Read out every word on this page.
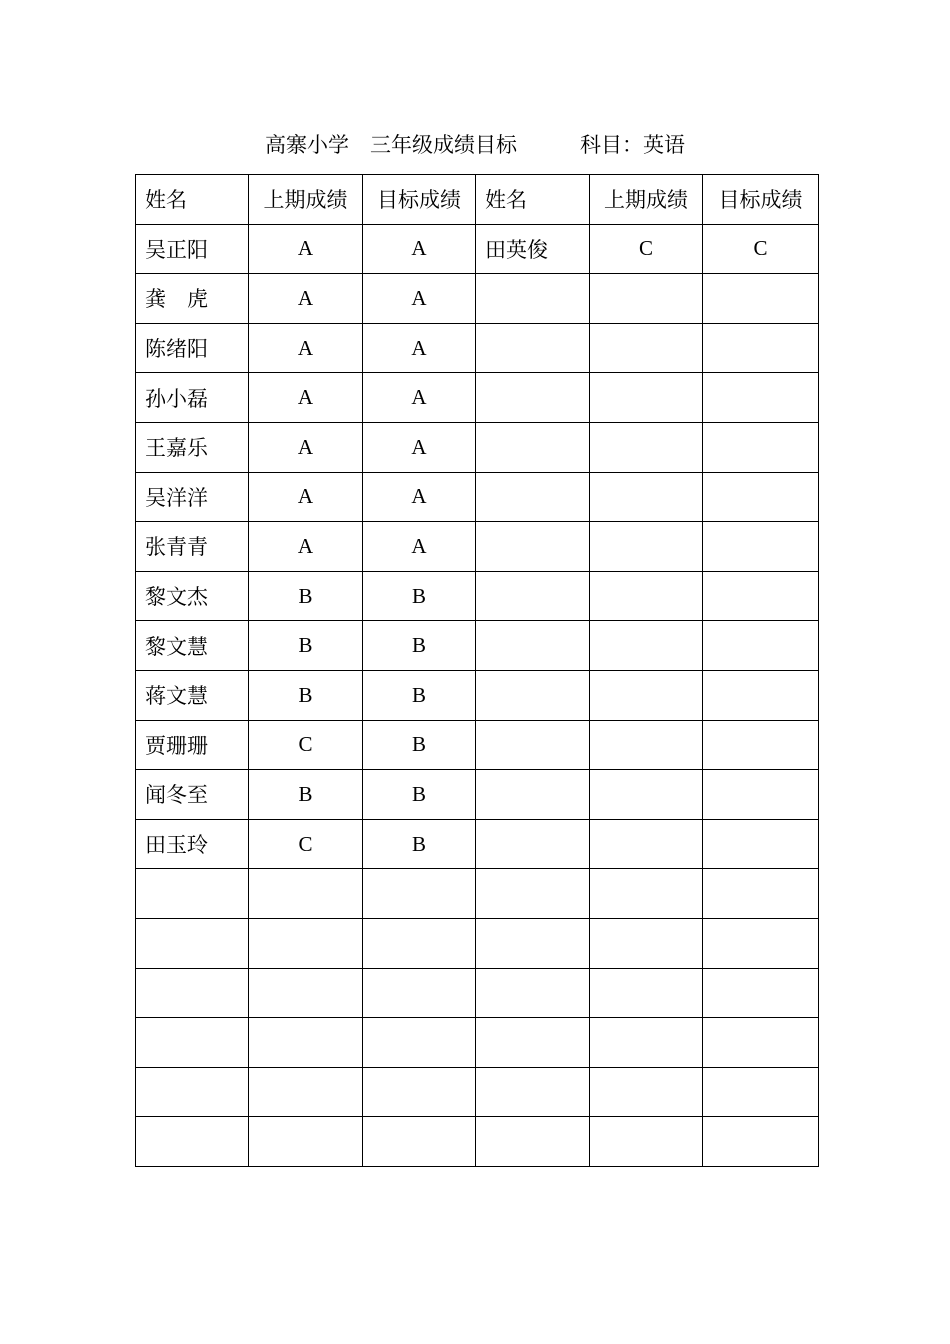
高寨小学　三年级成绩目标　　　科目：英语
姓名	上期成绩	目标成绩	姓名	上期成绩	目标成绩
吴正阳	A	A	田英俊	C	C
龚　虎	A	A			
陈绪阳	A	A			
孙小磊	A	A			
王嘉乐	A	A			
吴洋洋	A	A			
张青青	A	A			
黎文杰	B	B			
黎文慧	B	B			
蒋文慧	B	B			
贾珊珊	C	B			
闻冬至	B	B			
田玉玲	C	B			
